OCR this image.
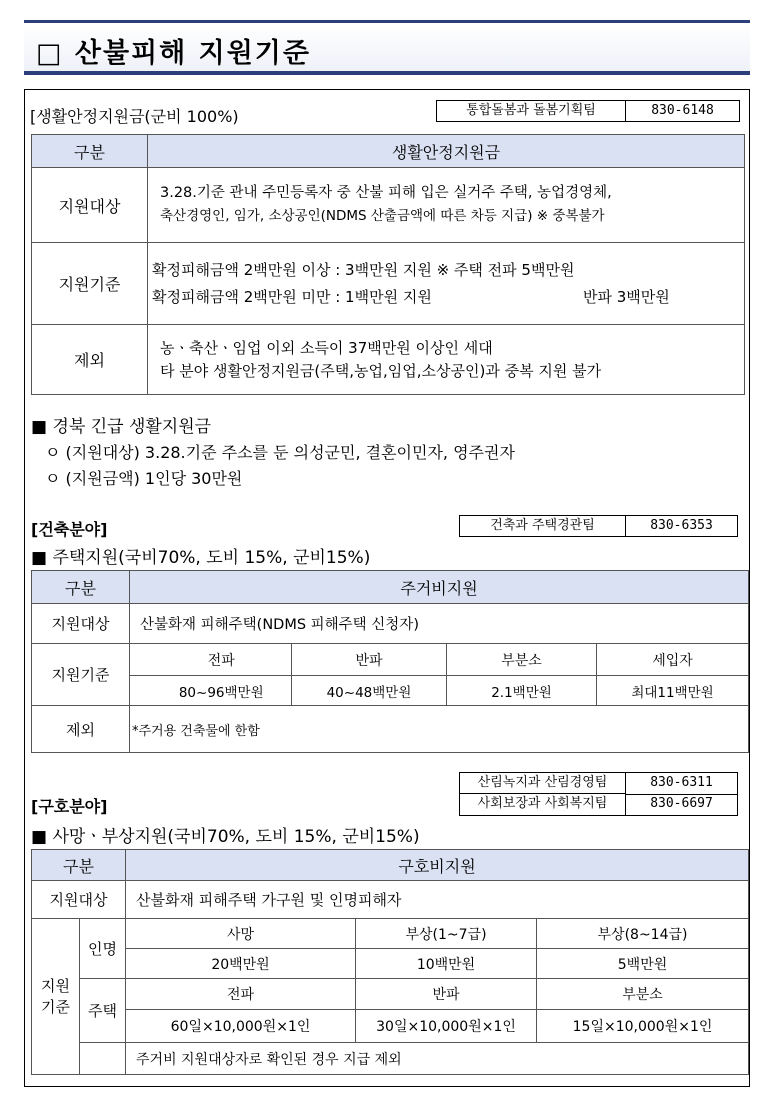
□ 산불피해 지원기준
[생활안정지원금(군비 100%)	통합돌봄과 돌봄기획팀	830-6148
구분	생활안정지원금
지원대상	3.28.기준 관내 주민등록자 중 산불 피해 입은 실거주 주택, 농업경영체,
축산경영인, 임가, 소상공인(NDMS 산출금액에 따른 차등 지급) ※ 중복불가

지원기준	확정피해금액 2백만원 이상 : 3백만원 지원 ※ 주택 전파 5백만원
확정피해금액 2백만원 미만 : 1백만원 지원 반파 3백만원

제외	농ㆍ축산ㆍ임업 이외 소득이 37백만원 이상인 세대
타 분야 생활안정지원금(주택,농업,임업,소상공인)과 중복 지원 불가
■ 경북 긴급 생활지원금
ㅇ (지원대상) 3.28.기준 주소를 둔 의성군민, 결혼이민자, 영주권자
ㅇ (지원금액) 1인당 30만원
[건축분야]	건축과 주택경관팀	830-6353
■ 주택지원(국비70%, 도비 15%, 군비15%)
구분	주거비지원				
지원대상	산불화재 피해주택(NDMS 피해주택 신청자)				
지원기준		전파	반파	부분소	세입자
		80~96백만원	40~48백만원	2.1백만원	최대11백만원
제외	*주거용 건축물에 한함				
산림녹지과 산림경영팀	830-6311
사회보장과 사회복지팀	830-6697
[구호분야]
■ 사망ㆍ부상지원(국비70%, 도비 15%, 군비15%)
구분		구호비지원		
지원대상		산불화재 피해주택 가구원 및 인명피해자		

지원
기준	인명	사망	부상(1~7급)	부상(8~14급)
		20백만원	10백만원	5백만원
	주택	전파	반파	부분소
		60일×10,000원×1인	30일×10,000원×1인	15일×10,000원×1인
		주거비 지원대상자로 확인된 경우 지급 제외		
